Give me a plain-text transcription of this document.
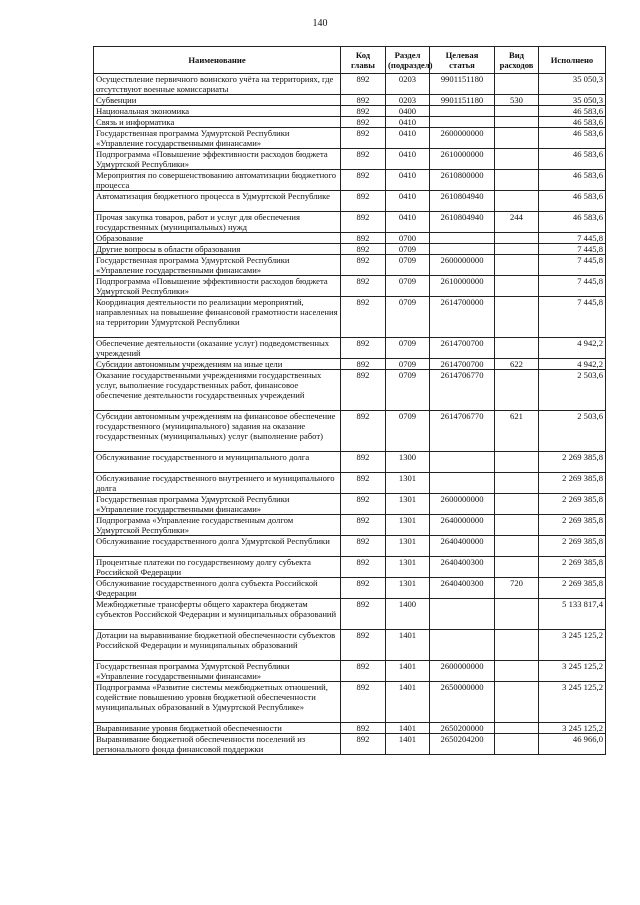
140
Наименование	Код главы	Раздел (подраздел)	Целевая статья	Вид расходов	Исполнено
Осуществление первичного воинского учёта на территориях, где отсутствуют военные комиссариаты	892	0203	9901151180		35 050,3
Субвенции	892	0203	9901151180	530	35 050,3
Национальная экономика	892	0400			46 583,6
Связь и информатика	892	0410			46 583,6
Государственная программа Удмуртской Республики «Управление государственными финансами»	892	0410	2600000000		46 583,6
Подпрограмма «Повышение эффективности расходов бюджета Удмуртской Республики»	892	0410	2610000000		46 583,6
Мероприятия по совершенствованию автоматизации бюджетного процесса	892	0410	2610800000		46 583,6
Автоматизация бюджетного процесса в Удмуртской Республике	892	0410	2610804940		46 583,6
Прочая закупка товаров, работ и услуг для обеспечения государственных (муниципальных) нужд	892	0410	2610804940	244	46 583,6
Образование	892	0700			7 445,8
Другие вопросы в области образования	892	0709			7 445,8
Государственная программа Удмуртской Республики «Управление государственными финансами»	892	0709	2600000000		7 445,8
Подпрограмма «Повышение эффективности расходов бюджета Удмуртской Республики»	892	0709	2610000000		7 445,8
Координация деятельности по реализации мероприятий, направленных на повышение финансовой грамотности населения на территории Удмуртской Республики	892	0709	2614700000		7 445,8
Обеспечение деятельности (оказание услуг) подведомственных учреждений	892	0709	2614700700		4 942,2
Субсидии автономным учреждениям на иные цели	892	0709	2614700700	622	4 942,2
Оказание государственными учреждениями государственных услуг, выполнение государственных работ, финансовое обеспечение деятельности государственных учреждений	892	0709	2614706770		2 503,6
Субсидии автономным учреждениям на финансовое обеспечение государственного (муниципального) задания на оказание государственных (муниципальных) услуг (выполнение работ)	892	0709	2614706770	621	2 503,6
Обслуживание государственного и муниципального долга	892	1300			2 269 385,8
Обслуживание государственного внутреннего и муниципального долга	892	1301			2 269 385,8
Государственная программа Удмуртской Республики «Управление государственными финансами»	892	1301	2600000000		2 269 385,8
Подпрограмма «Управление государственным долгом Удмуртской Республики»	892	1301	2640000000		2 269 385,8
Обслуживание государственного долга Удмуртской Республики	892	1301	2640400000		2 269 385,8
Процентные платежи по государственному долгу субъекта Российской Федерации	892	1301	2640400300		2 269 385,8
Обслуживание государственного долга субъекта Российской Федерации	892	1301	2640400300	720	2 269 385,8
Межбюджетные трансферты общего характера бюджетам субъектов Российской Федерации и муниципальных образований	892	1400			5 133 817,4
Дотации на выравнивание бюджетной обеспеченности субъектов Российской Федерации и муниципальных образований	892	1401			3 245 125,2
Государственная программа Удмуртской Республики «Управление государственными финансами»	892	1401	2600000000		3 245 125,2
Подпрограмма «Развитие системы межбюджетных отношений, содействие повышению уровня бюджетной обеспеченности муниципальных образований в Удмуртской Республике»	892	1401	2650000000		3 245 125,2
Выравнивание уровня бюджетной обеспеченности	892	1401	2650200000		3 245 125,2
Выравнивание бюджетной обеспеченности поселений из регионального фонда финансовой поддержки	892	1401	2650204200		46 966,0
